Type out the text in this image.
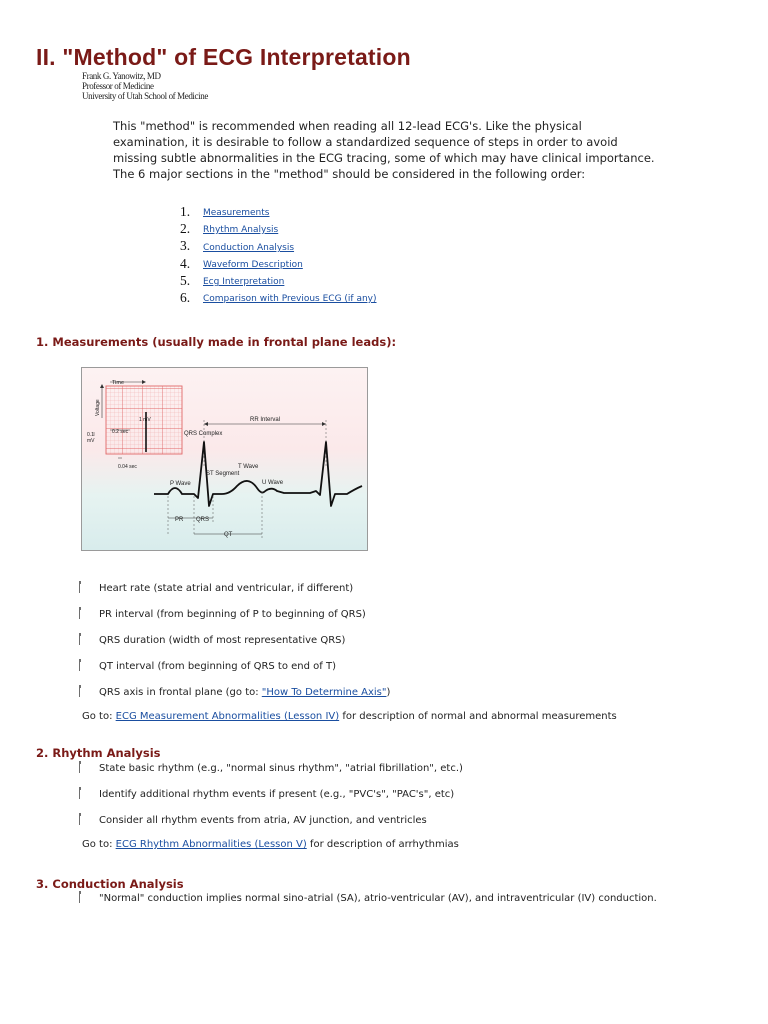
II. "Method" of ECG Interpretation
Frank G. Yanowitz, MD
Professor of Medicine
University of Utah School of Medicine
This "method" is recommended when reading all 12-lead ECG's. Like the physical examination, it is desirable to follow a standardized sequence of steps in order to avoid missing subtle abnormalities in the ECG tracing, some of which may have clinical importance. The 6 major sections in the "method" should be considered in the following order:
1. Measurements
2. Rhythm Analysis
3. Conduction Analysis
4. Waveform Description
5. Ecg Interpretation
6. Comparison with Previous ECG (if any)
1. Measurements (usually made in frontal plane leads):
Time
Voltage
1 mV
0.2 sec
0.1
mV
0.04 sec
RR Interval
QRS Complex
T Wave
ST Segment
P Wave	U Wave
PR QRS
QT
Heart rate (state atrial and ventricular, if different)
PR interval (from beginning of P to beginning of QRS)
QRS duration (width of most representative QRS)
QT interval (from beginning of QRS to end of T)
QRS axis in frontal plane (go to: "How To Determine Axis")
Go to: ECG Measurement Abnormalities (Lesson IV) for description of normal and abnormal measurements
2. Rhythm Analysis
State basic rhythm (e.g., "normal sinus rhythm", "atrial fibrillation", etc.)
Identify additional rhythm events if present (e.g., "PVC's", "PAC's", etc)
Consider all rhythm events from atria, AV junction, and ventricles
Go to: ECG Rhythm Abnormalities (Lesson V) for description of arrhythmias
3. Conduction Analysis
"Normal" conduction implies normal sino-atrial (SA), atrio-ventricular (AV), and intraventricular (IV) conduction.
